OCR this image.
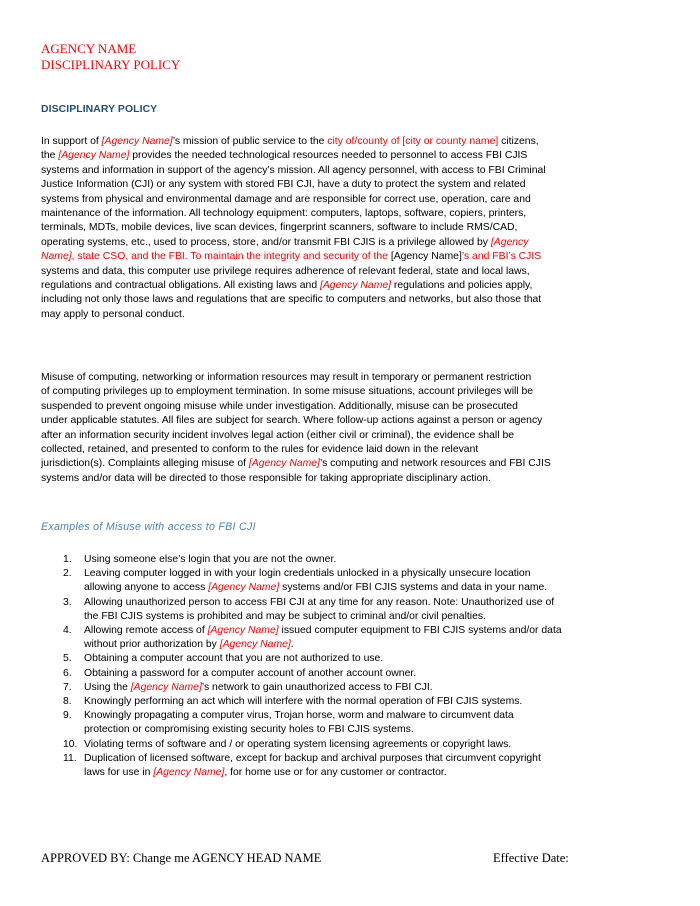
AGENCY NAME
DISCIPLINARY POLICY
DISCIPLINARY POLICY
In support of [Agency Name]’s mission of public service to the city of/county of [city or county name] citizens,
the [Agency Name] provides the needed technological resources needed to personnel to access FBI CJIS
systems and information in support of the agency’s mission. All agency personnel, with access to FBI Criminal
Justice Information (CJI) or any system with stored FBI CJI, have a duty to protect the system and related
systems from physical and environmental damage and are responsible for correct use, operation, care and
maintenance of the information. All technology equipment: computers, laptops, software, copiers, printers,
terminals, MDTs, mobile devices, live scan devices, fingerprint scanners, software to include RMS/CAD,
operating systems, etc., used to process, store, and/or transmit FBI CJIS is a privilege allowed by [Agency
Name], state CSO, and the FBI. To maintain the integrity and security of the [Agency Name]’s and FBI’s CJIS
systems and data, this computer use privilege requires adherence of relevant federal, state and local laws,
regulations and contractual obligations. All existing laws and [Agency Name] regulations and policies apply,
including not only those laws and regulations that are specific to computers and networks, but also those that
may apply to personal conduct.
Misuse of computing, networking or information resources may result in temporary or permanent restriction
of computing privileges up to employment termination. In some misuse situations, account privileges will be
suspended to prevent ongoing misuse while under investigation. Additionally, misuse can be prosecuted
under applicable statutes. All files are subject for search. Where follow-up actions against a person or agency
after an information security incident involves legal action (either civil or criminal), the evidence shall be
collected, retained, and presented to conform to the rules for evidence laid down in the relevant
jurisdiction(s). Complaints alleging misuse of [Agency Name]’s computing and network resources and FBI CJIS
systems and/or data will be directed to those responsible for taking appropriate disciplinary action.
Examples of Misuse with access to FBI CJI
1.	Using someone else’s login that you are not the owner.
2.	Leaving computer logged in with your login credentials unlocked in a physically unsecure location
allowing anyone to access [Agency Name] systems and/or FBI CJIS systems and data in your name.
3.	Allowing unauthorized person to access FBI CJI at any time for any reason. Note: Unauthorized use of
the FBI CJIS systems is prohibited and may be subject to criminal and/or civil penalties.
4.	Allowing remote access of [Agency Name] issued computer equipment to FBI CJIS systems and/or data
without prior authorization by [Agency Name].
5.	Obtaining a computer account that you are not authorized to use.
6.	Obtaining a password for a computer account of another account owner.
7.	Using the [Agency Name]’s network to gain unauthorized access to FBI CJI.
8.	Knowingly performing an act which will interfere with the normal operation of FBI CJIS systems.
9.	Knowingly propagating a computer virus, Trojan horse, worm and malware to circumvent data
protection or compromising existing security holes to FBI CJIS systems.
10. Violating terms of software and / or operating system licensing agreements or copyright laws.
11. Duplication of licensed software, except for backup and archival purposes that circumvent copyright
laws for use in [Agency Name], for home use or for any customer or contractor.
APPROVED BY: Change me AGENCY HEAD NAME	Effective Date:
